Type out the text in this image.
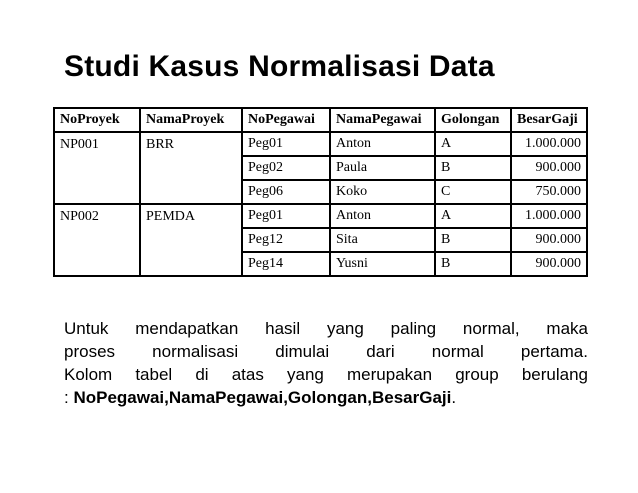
Studi Kasus Normalisasi Data
NoProyek	NamaProyek	NoPegawai	NamaPegawai	Golongan	BesarGaji
NP001	BRR	Peg01	Anton	A	1.000.000
		Peg02	Paula	B	900.000
		Peg06	Koko	C	750.000
NP002	PEMDA	Peg01	Anton	A	1.000.000
		Peg12	Sita	B	900.000
		Peg14	Yusni	B	900.000
Untuk mendapatkan hasil yang paling normal, maka
proses normalisasi dimulai dari normal pertama.
Kolom tabel di atas yang merupakan group berulang
: NoPegawai,NamaPegawai,Golongan,BesarGaji.
